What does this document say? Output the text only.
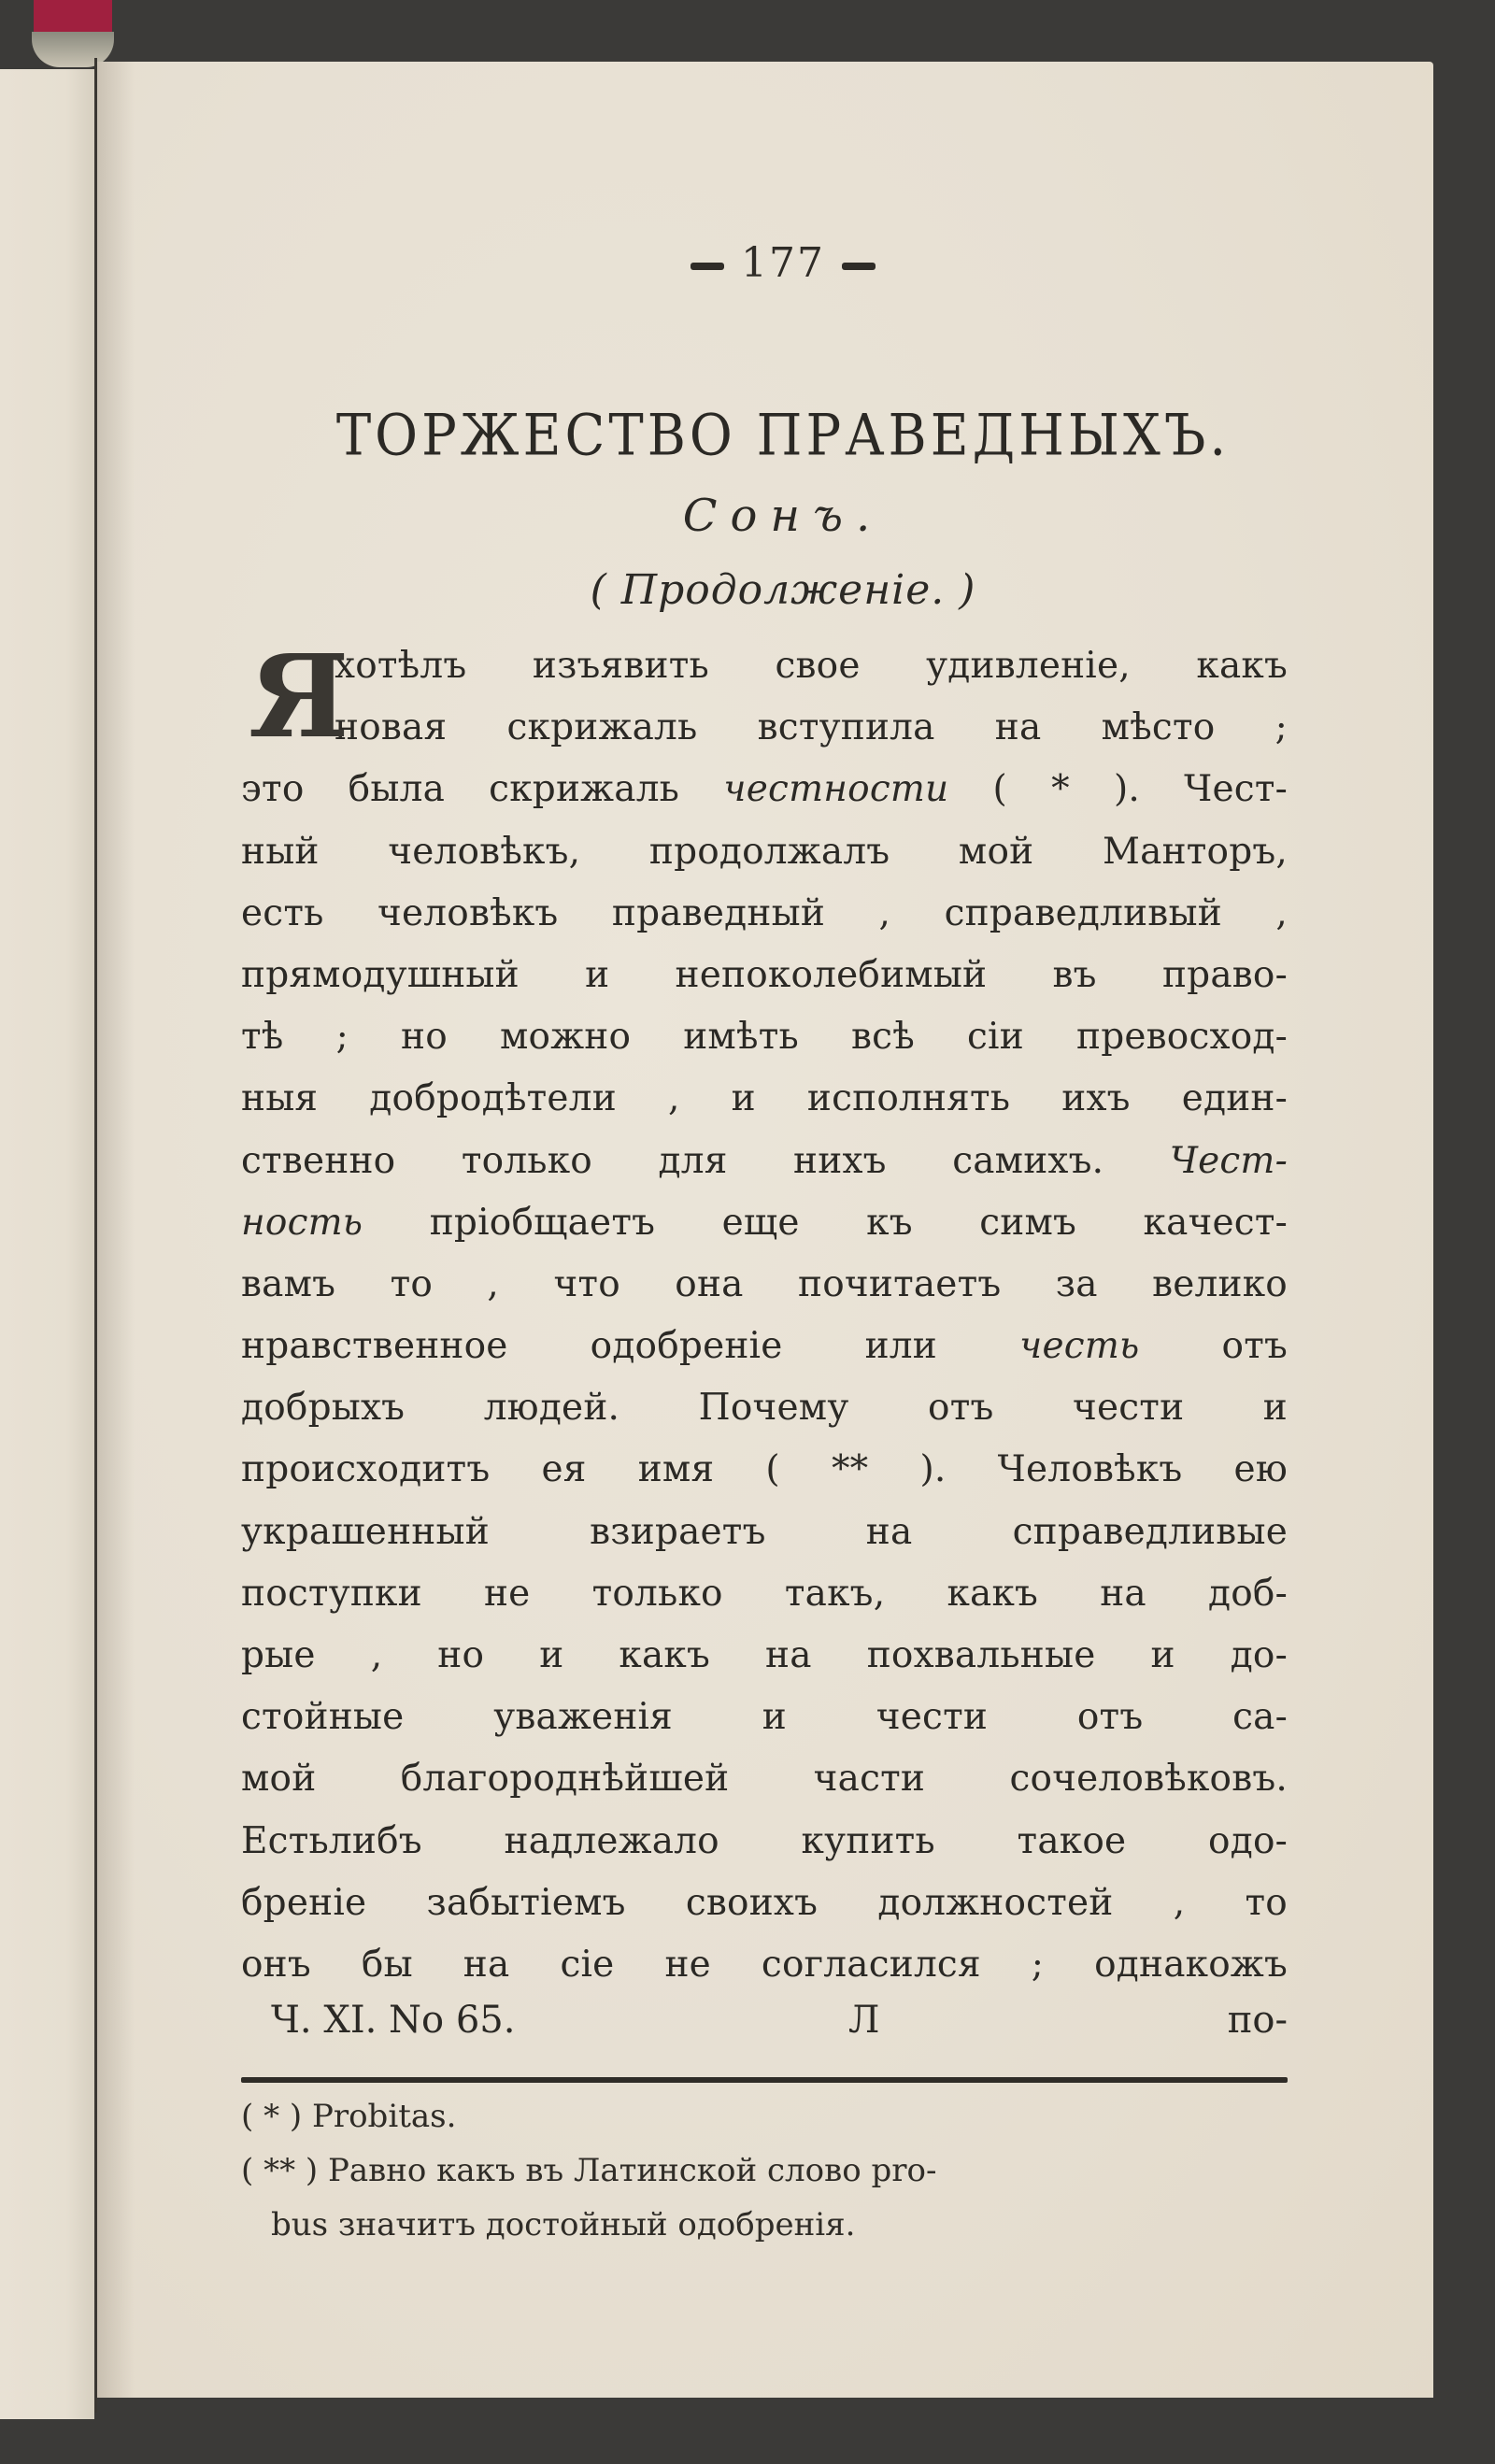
177
ТОРЖЕСТВО ПРАВЕДНЫХЪ.
Сонъ.
( Продолженіе. )
Я
хотѣлъ изъявить свое удивленіе, какъ
новая скрижаль вступила на мѣсто ;
это была скрижаль честности ( * ). Чест-
ный человѣкъ, продолжалъ мой Манторъ,
есть человѣкъ праведный , справедливый ,
прямодушный и непоколебимый въ право-
тѣ ; но можно имѣть всѣ сіи превосход-
ныя добродѣтели , и исполнять ихъ един-
ственно только для нихъ самихъ. Чест-
ность пріобщаетъ еще къ симъ качест-
вамъ то , что она почитаетъ за велико
нравственное одобреніе или честь отъ
добрыхъ людей. Почему отъ чести и
происходитъ ея имя ( ** ). Человѣкъ ею
украшенный взираетъ на справедливые
поступки не только такъ, какъ на доб-
рые , но и какъ на похвальные и до-
стойные уваженія и чести отъ са-
мой благороднѣйшей части сочеловѣковъ.
Естьлибъ надлежало купить такое одо-
бреніе забытіемъ своихъ должностей , то
онъ бы на сіе не согласился ; однакожъ
Ч. XI. No 65.	Л	по-
( * ) Probitas.
( ** ) Равно какъ въ Латинской слово pro-
bus значитъ достойный одобренія.
